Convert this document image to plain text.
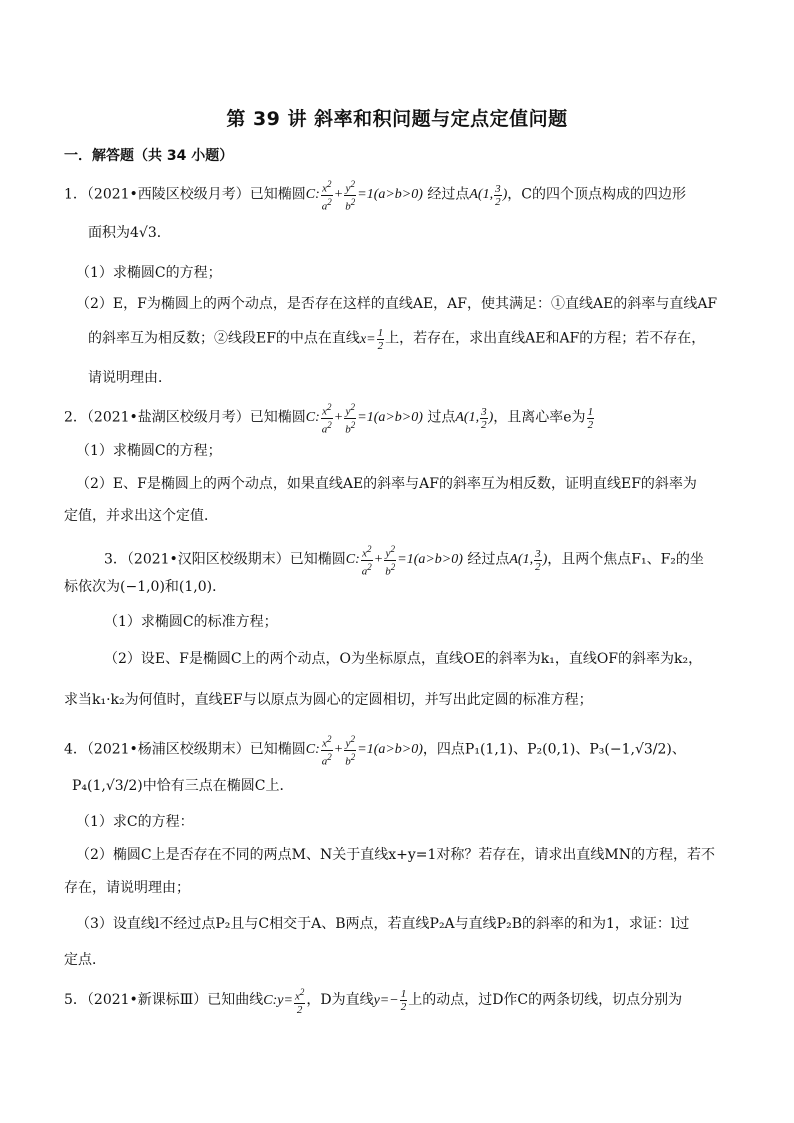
第 39 讲 斜率和积问题与定点定值问题
一．解答题（共 34 小题）
1．（2021•西陵区校级月考）已知椭圆C: $\frac{x^2}{a^2} + \frac{y^2}{b^2} =1(a>b>0)$ 经过点A(1, $\frac{3}{2}$ )，C的四个顶点构成的四边形
面积为4√3．
（1）求椭圆C的方程；
（2）E，F为椭圆上的两个动点，是否存在这样的直线AE，AF，使其满足：①直线AE的斜率与直线AF
的斜率互为相反数；②线段EF的中点在直线$x= \frac{1}{2}$ 上，若存在，求出直线AE和AF的方程；若不存在，
请说明理由．
2．（2021•盐湖区校级月考）已知椭圆C: $\frac{x^2}{a^2} + \frac{y^2}{b^2} =1(a>b>0)$ 过点A(1, $\frac{3}{2}$ )，且离心率e为 $\frac{1}{2}$
（1）求椭圆C的方程；
（2）E、F是椭圆上的两个动点，如果直线AE的斜率与AF的斜率互为相反数，证明直线EF的斜率为
定值，并求出这个定值．
3．（2021•汉阳区校级期末）已知椭圆C: $\frac{x^2}{a^2} + \frac{y^2}{b^2} =1(a>b>0)$ 经过点A(1, $\frac{3}{2}$ )，且两个焦点F₁、F₂的坐
标依次为(−1,0)和(1,0)．
（1）求椭圆C的标准方程；
（2）设E、F是椭圆C上的两个动点，O为坐标原点，直线OE的斜率为k₁，直线OF的斜率为k₂，
求当k₁·k₂为何值时，直线EF与以原点为圆心的定圆相切，并写出此定圆的标准方程；
4．（2021•杨浦区校级期末）已知椭圆C: $\frac{x^2}{a^2} + \frac{y^2}{b^2} =1(a>b>0)$，四点P₁(1,1)、P₂(0,1)、P₃(−1,√3/2)、
P₄(1,√3/2)中恰有三点在椭圆C上．
（1）求C的方程：
（2）椭圆C上是否存在不同的两点M、N关于直线x+y=1对称？若存在，请求出直线MN的方程，若不
存在，请说明理由；
（3）设直线l不经过点P₂且与C相交于A、B两点，若直线P₂A与直线P₂B的斜率的和为1，求证：l过
定点．
5．（2021•新课标Ⅲ）已知曲线C:y= $\frac{x^2}{2}$ ，D为直线$y=- \frac{1}{2}$ 上的动点，过D作C的两条切线，切点分别为
